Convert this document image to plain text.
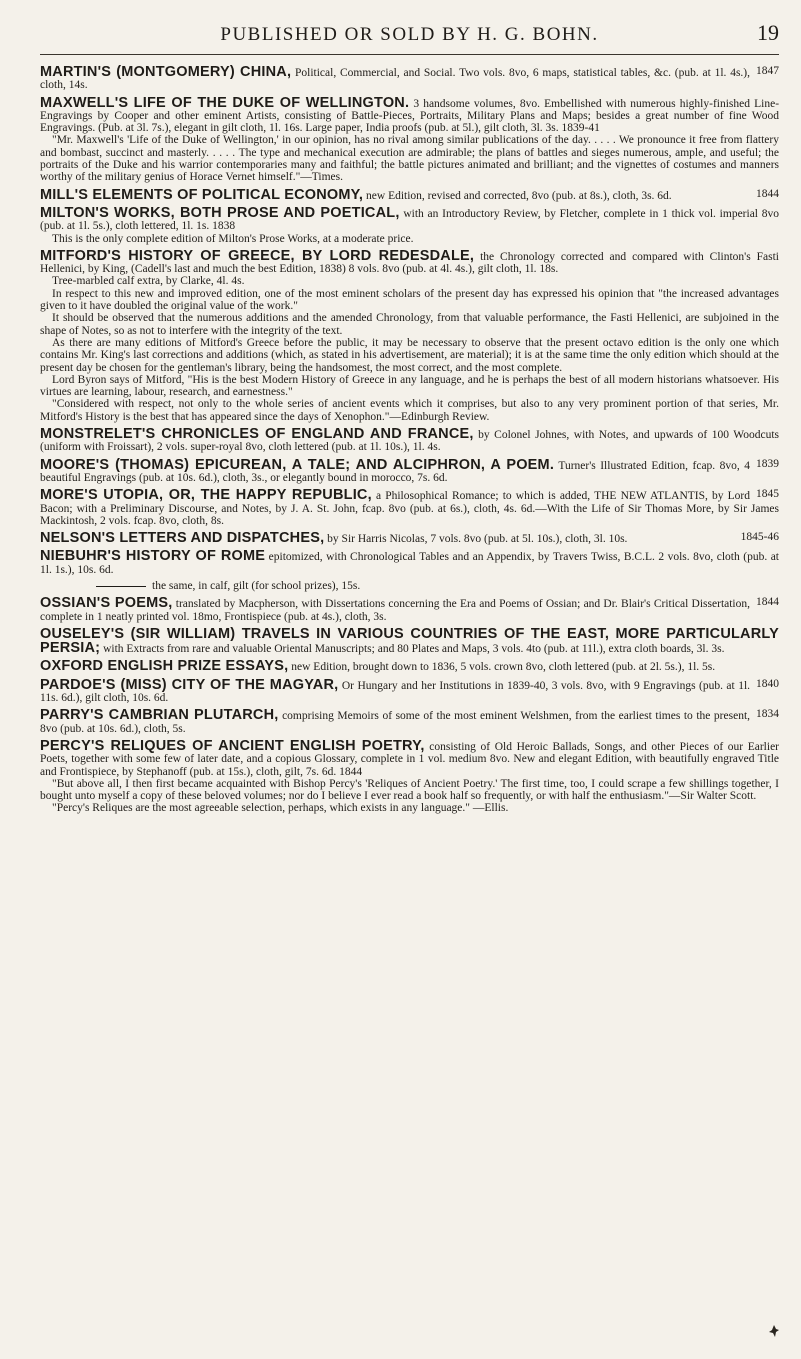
PUBLISHED OR SOLD BY H. G. BOHN.	19

1847
MARTIN'S (MONTGOMERY) CHINA, Political, Commercial, and Social. Two vols. 8vo, 6 maps, statistical tables, &c. (pub. at 1l. 4s.), cloth, 14s.

MAXWELL'S LIFE OF THE DUKE OF WELLINGTON. 3 handsome volumes, 8vo. Embellished with numerous highly-finished Line-Engravings by Cooper and other eminent Artists, consisting of Battle-Pieces, Portraits, Military Plans and Maps; besides a great number of fine Wood Engravings. (Pub. at 3l. 7s.), elegant in gilt cloth, 1l. 16s. Large paper, India proofs (pub. at 5l.), gilt cloth, 3l. 3s. 1839-41

"Mr. Maxwell's 'Life of the Duke of Wellington,' in our opinion, has no rival among similar publications of the day. . . . . We pronounce it free from flattery and bombast, succinct and masterly. . . . . The type and mechanical execution are admirable; the plans of battles and sieges numerous, ample, and useful; the portraits of the Duke and his warrior contemporaries many and faithful; the battle pictures animated and brilliant; and the vignettes of costumes and manners worthy of the military genius of Horace Vernet himself."—Times.

1844
MILL'S ELEMENTS OF POLITICAL ECONOMY, new Edition, revised and corrected, 8vo (pub. at 8s.), cloth, 3s. 6d.

MILTON'S WORKS, BOTH PROSE AND POETICAL, with an Introductory Review, by Fletcher, complete in 1 thick vol. imperial 8vo (pub. at 1l. 5s.), cloth lettered, 1l. 1s. 1838

This is the only complete edition of Milton's Prose Works, at a moderate price.

MITFORD'S HISTORY OF GREECE, BY LORD REDESDALE, the Chronology corrected and compared with Clinton's Fasti Hellenici, by King, (Cadell's last and much the best Edition, 1838) 8 vols. 8vo (pub. at 4l. 4s.), gilt cloth, 1l. 18s.

Tree-marbled calf extra, by Clarke, 4l. 4s.

In respect to this new and improved edition, one of the most eminent scholars of the present day has expressed his opinion that "the increased advantages given to it have doubled the original value of the work."

It should be observed that the numerous additions and the amended Chronology, from that valuable performance, the Fasti Hellenici, are subjoined in the shape of Notes, so as not to interfere with the integrity of the text.

As there are many editions of Mitford's Greece before the public, it may be necessary to observe that the present octavo edition is the only one which contains Mr. King's last corrections and additions (which, as stated in his advertisement, are material); it is at the same time the only edition which should at the present day be chosen for the gentleman's library, being the handsomest, the most correct, and the most complete.

Lord Byron says of Mitford, "His is the best Modern History of Greece in any language, and he is perhaps the best of all modern historians whatsoever. His virtues are learning, labour, research, and earnestness."

"Considered with respect, not only to the whole series of ancient events which it comprises, but also to any very prominent portion of that series, Mr. Mitford's History is the best that has appeared since the days of Xenophon."—Edinburgh Review.

MONSTRELET'S CHRONICLES OF ENGLAND AND FRANCE, by Colonel Johnes, with Notes, and upwards of 100 Woodcuts (uniform with Froissart), 2 vols. super-royal 8vo, cloth lettered (pub. at 1l. 10s.), 1l. 4s.

1839
MOORE'S (THOMAS) EPICUREAN, A TALE; AND ALCIPHRON, A POEM. Turner's Illustrated Edition, fcap. 8vo, 4 beautiful Engravings (pub. at 10s. 6d.), cloth, 3s., or elegantly bound in morocco, 7s. 6d.

1845
MORE'S UTOPIA, OR, THE HAPPY REPUBLIC, a Philosophical Romance; to which is added, THE NEW ATLANTIS, by Lord Bacon; with a Preliminary Discourse, and Notes, by J. A. St. John, fcap. 8vo (pub. at 6s.), cloth, 4s. 6d.—With the Life of Sir Thomas More, by Sir James Mackintosh, 2 vols. fcap. 8vo, cloth, 8s.

1845-46
NELSON'S LETTERS AND DISPATCHES, by Sir Harris Nicolas, 7 vols. 8vo (pub. at 5l. 10s.), cloth, 3l. 10s.

NIEBUHR'S HISTORY OF ROME epitomized, with Chronological Tables and an Appendix, by Travers Twiss, B.C.L. 2 vols. 8vo, cloth (pub. at 1l. 1s.), 10s. 6d.

the same, in calf, gilt (for school prizes), 15s.

1844
OSSIAN'S POEMS, translated by Macpherson, with Dissertations concerning the Era and Poems of Ossian; and Dr. Blair's Critical Dissertation, complete in 1 neatly printed vol. 18mo, Frontispiece (pub. at 4s.), cloth, 3s.

OUSELEY'S (SIR WILLIAM) TRAVELS IN VARIOUS COUNTRIES OF THE EAST, MORE PARTICULARLY PERSIA; with Extracts from rare and valuable Oriental Manuscripts; and 80 Plates and Maps, 3 vols. 4to (pub. at 11l.), extra cloth boards, 3l. 3s.

OXFORD ENGLISH PRIZE ESSAYS, new Edition, brought down to 1836, 5 vols. crown 8vo, cloth lettered (pub. at 2l. 5s.), 1l. 5s.

1840
PARDOE'S (MISS) CITY OF THE MAGYAR, Or Hungary and her Institutions in 1839-40, 3 vols. 8vo, with 9 Engravings (pub. at 1l. 11s. 6d.), gilt cloth, 10s. 6d.

1834
PARRY'S CAMBRIAN PLUTARCH, comprising Memoirs of some of the most eminent Welshmen, from the earliest times to the present, 8vo (pub. at 10s. 6d.), cloth, 5s.

PERCY'S RELIQUES OF ANCIENT ENGLISH POETRY, consisting of Old Heroic Ballads, Songs, and other Pieces of our Earlier Poets, together with some few of later date, and a copious Glossary, complete in 1 vol. medium 8vo. New and elegant Edition, with beautifully engraved Title and Frontispiece, by Stephanoff (pub. at 15s.), cloth, gilt, 7s. 6d. 1844

"But above all, I then first became acquainted with Bishop Percy's 'Reliques of Ancient Poetry.' The first time, too, I could scrape a few shillings together, I bought unto myself a copy of these beloved volumes; nor do I believe I ever read a book half so frequently, or with half the enthusiasm."—Sir Walter Scott.

"Percy's Reliques are the most agreeable selection, perhaps, which exists in any language." —Ellis.
